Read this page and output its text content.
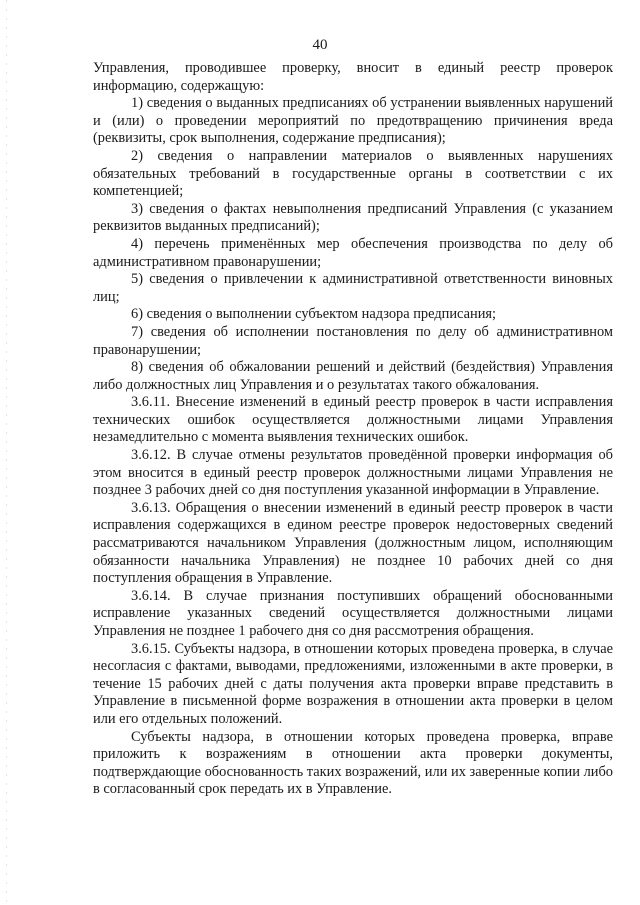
40

Управления, проводившее проверку, вносит в единый реестр проверок информацию, содержащую:

1) сведения о выданных предписаниях об устранении выявленных нарушений и (или) о проведении мероприятий по предотвращению причинения вреда (реквизиты, срок выполнения, содержание предписания);

2) сведения о направлении материалов о выявленных нарушениях обязательных требований в государственные органы в соответствии с их компетенцией;

3) сведения о фактах невыполнения предписаний Управления (с указанием реквизитов выданных предписаний);

4) перечень применённых мер обеспечения производства по делу об административном правонарушении;

5) сведения о привлечении к административной ответственности виновных лиц;

6) сведения о выполнении субъектом надзора предписания;

7) сведения об исполнении постановления по делу об административном правонарушении;

8) сведения об обжаловании решений и действий (бездействия) Управления либо должностных лиц Управления и о результатах такого обжалования.

3.6.11. Внесение изменений в единый реестр проверок в части исправления технических ошибок осуществляется должностными лицами Управления незамедлительно с момента выявления технических ошибок.

3.6.12. В случае отмены результатов проведённой проверки информация об этом вносится в единый реестр проверок должностными лицами Управления не позднее 3 рабочих дней со дня поступления указанной информации в Управление.

3.6.13. Обращения о внесении изменений в единый реестр проверок в части исправления содержащихся в едином реестре проверок недостоверных сведений рассматриваются начальником Управления (должностным лицом, исполняющим обязанности начальника Управления) не позднее 10 рабочих дней со дня поступления обращения в Управление.

3.6.14. В случае признания поступивших обращений обоснованными исправление указанных сведений осуществляется должностными лицами Управления не позднее 1 рабочего дня со дня рассмотрения обращения.

3.6.15. Субъекты надзора, в отношении которых проведена проверка, в случае несогласия с фактами, выводами, предложениями, изложенными в акте проверки, в течение 15 рабочих дней с даты получения акта проверки вправе представить в Управление в письменной форме возражения в отношении акта проверки в целом или его отдельных положений.

Субъекты надзора, в отношении которых проведена проверка, вправе приложить к возражениям в отношении акта проверки документы, подтверждающие обоснованность таких возражений, или их заверенные копии либо в согласованный срок передать их в Управление.
